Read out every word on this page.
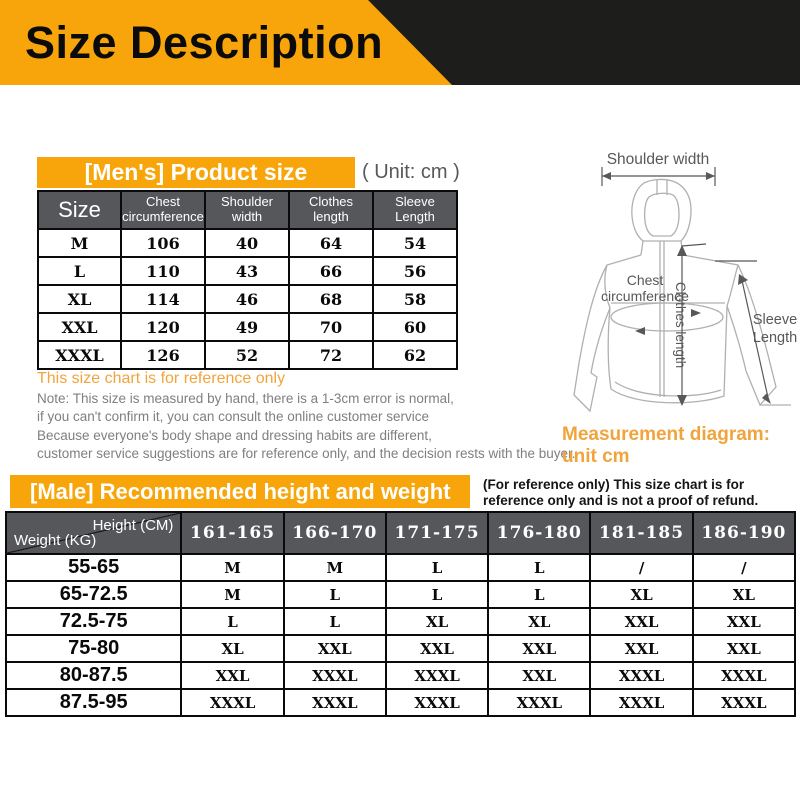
Size Description
[Men's] Product size	( Unit: cm )
Size	Chest circumference	Shoulder width	Clothes length	Sleeve Length
M	106	40	64	54
L	110	43	66	56
XL	114	46	68	58
XXL	120	49	70	60
XXXL	126	52	72	62
This size chart is for reference only
Note: This size is measured by hand, there is a 1-3cm error is normal,
if you can't confirm it, you can consult the online customer service
Because everyone's body shape and dressing habits are different,
customer service suggestions are for reference only, and the decision rests with the buyer.
Shoulder width
Chest
circumference
Clothes length	Sleeve
Length
Measurement diagram: unit cm
[Male] Recommended height and weight	(For reference only) This size chart is for
reference only and is not a proof of refund.
Height (CM)
Weight (KG)	161-165	166-170	171-175	176-180	181-185	186-190
55-65	M	M	L	L	/	/
65-72.5	M	L	L	L	XL	XL
72.5-75	L	L	XL	XL	XXL	XXL
75-80	XL	XXL	XXL	XXL	XXL	XXL
80-87.5	XXL	XXXL	XXXL	XXL	XXXL	XXXL
87.5-95	XXXL	XXXL	XXXL	XXXL	XXXL	XXXL
